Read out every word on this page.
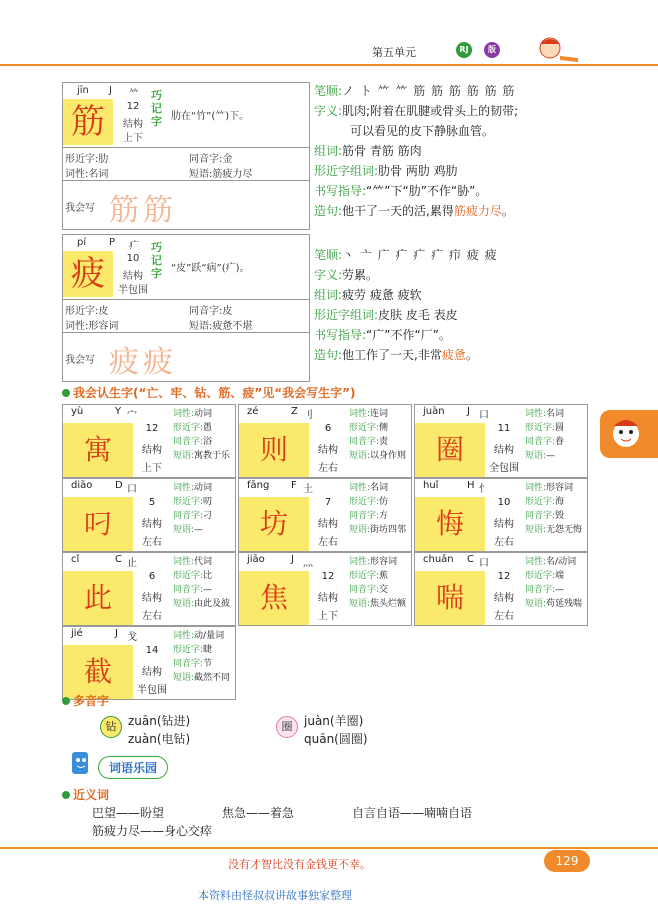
第五单元	RJ	版
jīn J ⺮
筋	12
结构
上下
巧记字 肋在“竹”(⺮)下。
形近字:肋	同音字:金
词性:名词	短语:筋疲力尽
我会写 筋筋
笔顺:ノ ト ⺮ ⺮ 筋 筋 筋 筋 筋 筋
字义:肌肉;附着在肌腱或骨头上的韧带;
可以看见的皮下静脉血管。
组词:筋骨 青筋 筋肉
形近字组词:肋骨 两肋 鸡肋
书写指导:“⺮”下“肋”不作“胁”。
造句:他干了一天的活,累得筋疲力尽。
pí P 疒
疲	10
结构
半包围
巧记字 “皮”跃“病”(疒)。
形近字:皮	同音字:皮
词性:形容词	短语:疲惫不堪
我会写 疲疲
笔顺:丶 亠 广 疒 疒 疒 疖 疲 疲
字义:劳累。
组词:疲劳 疲惫 疲软
形近字组词:皮肤 皮毛 表皮
书写指导:“广”不作“厂”。
造句:他工作了一天,非常疲惫。
我会认生字(“亡、牢、钻、筋、疲”见“我会写生字”)
yù	Y 宀
寓
12
结构
上下
词性:动词
形近字:愚
同音字:浴
短语:寓教于乐
zé	Z 刂
则
6
结构
左右
词性:连词
形近字:侧
同音字:责
短语:以身作则
juàn J 口
圈
11
结构
全包围
词性:名词
形近字:圆
同音字:眷
短语:—
diāo D 口
叼
5
结构
左右
词性:动词
形近字:叨
同音字:刁
短语:—
fāng F 土
坊
7
结构
左右
词性:名词
形近字:仿
同音字:方
短语:街坊四邻
huǐ	H 忄
悔
10
结构
左右
词性:形容词
形近字:海
同音字:毁
短语:无怨无悔
cǐ	C 止
此
6
结构
左右
词性:代词
形近字:比
同音字:—
短语:由此及彼
jiāo	J 灬
焦
12
结构
上下
词性:形容词
形近字:蕉
同音字:交
短语:焦头烂额
chuǎn C 口
喘
12
结构
左右
词性:名/动词
形近字:端
同音字:—
短语:苟延残喘
jié	J 戈
截
14
结构
半包围
词性:动/量词
形近字:睫
同音字:节
短语:截然不同
多音字
钻 zuān(钻进)
zuàn(电钻)
圈 juàn(羊圈)
quān(圆圈)
词语乐园
近义词
巴望——盼望	焦急——着急	自言自语——喃喃自语
筋疲力尽——身心交瘁
没有才智比没有金钱更不幸。	129
本资料由怪叔叔讲故事独家整理
